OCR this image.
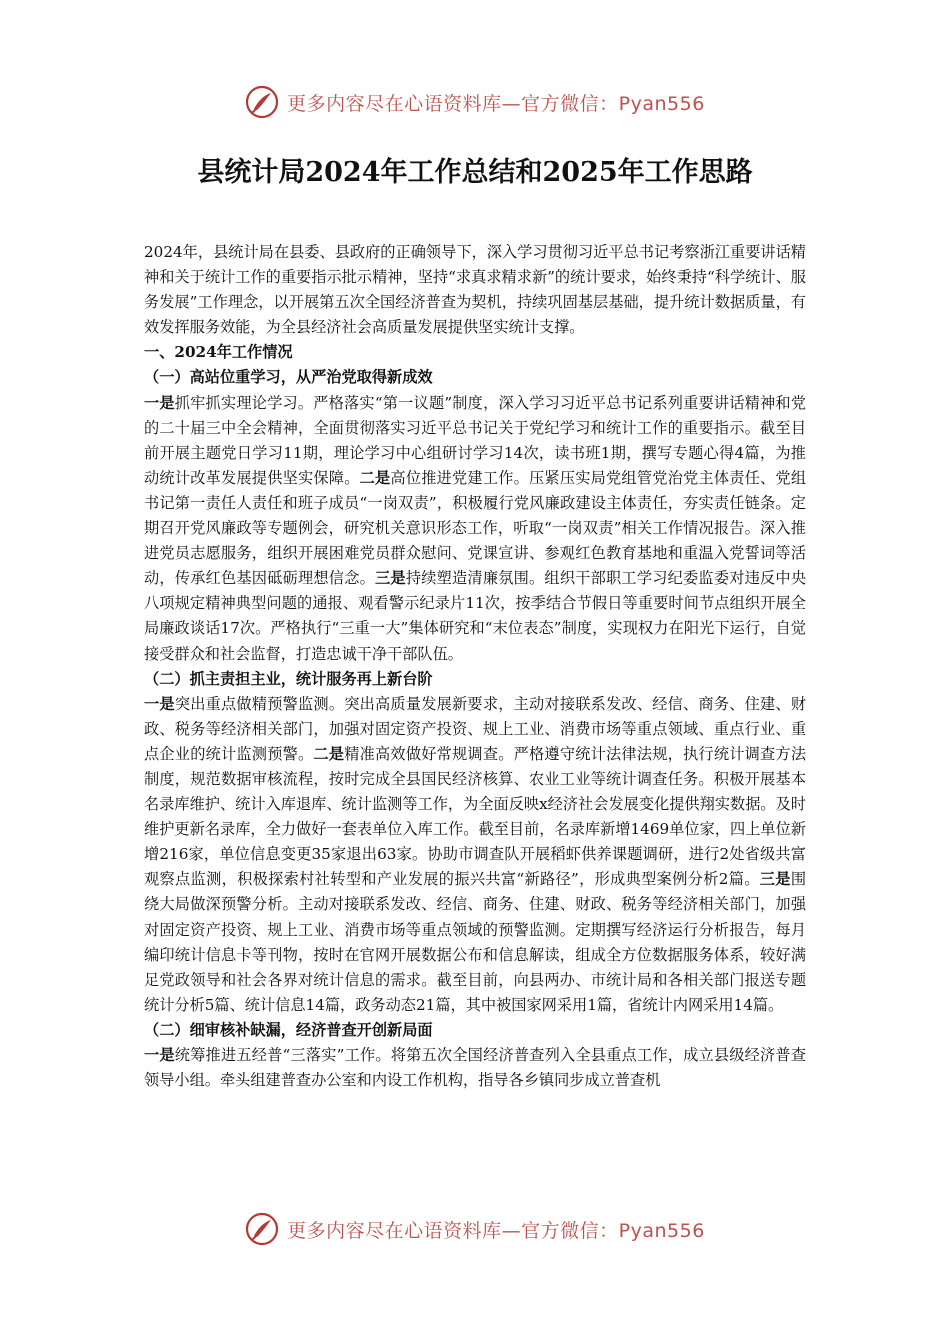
更多内容尽在心语资料库—官方微信：Pyan556
县统计局2024年工作总结和2025年工作思路

2024年，县统计局在县委、县政府的正确领导下，深入学习贯彻习近平总书记考察浙江重要讲话精神和关于统计工作的重要指示批示精神，坚持“求真求精求新”的统计要求，始终秉持“科学统计、服务发展”工作理念，以开展第五次全国经济普查为契机，持续巩固基层基础，提升统计数据质量，有效发挥服务效能，为全县经济社会高质量发展提供坚实统计支撑。

一、2024年工作情况

（一）高站位重学习，从严治党取得新成效

一是抓牢抓实理论学习。严格落实“第一议题”制度，深入学习习近平总书记系列重要讲话精神和党的二十届三中全会精神，全面贯彻落实习近平总书记关于党纪学习和统计工作的重要指示。截至目前开展主题党日学习11期，理论学习中心组研讨学习14次，读书班1期，撰写专题心得4篇，为推动统计改革发展提供坚实保障。二是高位推进党建工作。压紧压实局党组管党治党主体责任、党组书记第一责任人责任和班子成员“一岗双责”，积极履行党风廉政建设主体责任，夯实责任链条。定期召开党风廉政等专题例会，研究机关意识形态工作，听取“一岗双责”相关工作情况报告。深入推进党员志愿服务，组织开展困难党员群众慰问、党课宣讲、参观红色教育基地和重温入党誓词等活动，传承红色基因砥砺理想信念。三是持续塑造清廉氛围。组织干部职工学习纪委监委对违反中央八项规定精神典型问题的通报、观看警示纪录片11次，按季结合节假日等重要时间节点组织开展全局廉政谈话17次。严格执行“三重一大”集体研究和“末位表态”制度，实现权力在阳光下运行，自觉接受群众和社会监督，打造忠诚干净干部队伍。

（二）抓主责担主业，统计服务再上新台阶

一是突出重点做精预警监测。突出高质量发展新要求，主动对接联系发改、经信、商务、住建、财政、税务等经济相关部门，加强对固定资产投资、规上工业、消费市场等重点领域、重点行业、重点企业的统计监测预警。二是精准高效做好常规调查。严格遵守统计法律法规，执行统计调查方法制度，规范数据审核流程，按时完成全县国民经济核算、农业工业等统计调查任务。积极开展基本名录库维护、统计入库退库、统计监测等工作，为全面反映x经济社会发展变化提供翔实数据。及时维护更新名录库，全力做好一套表单位入库工作。截至目前，名录库新增1469单位家，四上单位新增216家，单位信息变更35家退出63家。协助市调查队开展稻虾供养课题调研，进行2处省级共富观察点监测，积极探索村社转型和产业发展的振兴共富“新路径”，形成典型案例分析2篇。三是围绕大局做深预警分析。主动对接联系发改、经信、商务、住建、财政、税务等经济相关部门，加强对固定资产投资、规上工业、消费市场等重点领域的预警监测。定期撰写经济运行分析报告，每月编印统计信息卡等刊物，按时在官网开展数据公布和信息解读，组成全方位数据服务体系，较好满足党政领导和社会各界对统计信息的需求。截至目前，向县两办、市统计局和各相关部门报送专题统计分析5篇、统计信息14篇，政务动态21篇，其中被国家网采用1篇，省统计内网采用14篇。

（二）细审核补缺漏，经济普查开创新局面

一是统筹推进五经普“三落实”工作。将第五次全国经济普查列入全县重点工作，成立县级经济普查领导小组。牵头组建普查办公室和内设工作机构，指导各乡镇同步成立普查机

更多内容尽在心语资料库—官方微信：Pyan556
